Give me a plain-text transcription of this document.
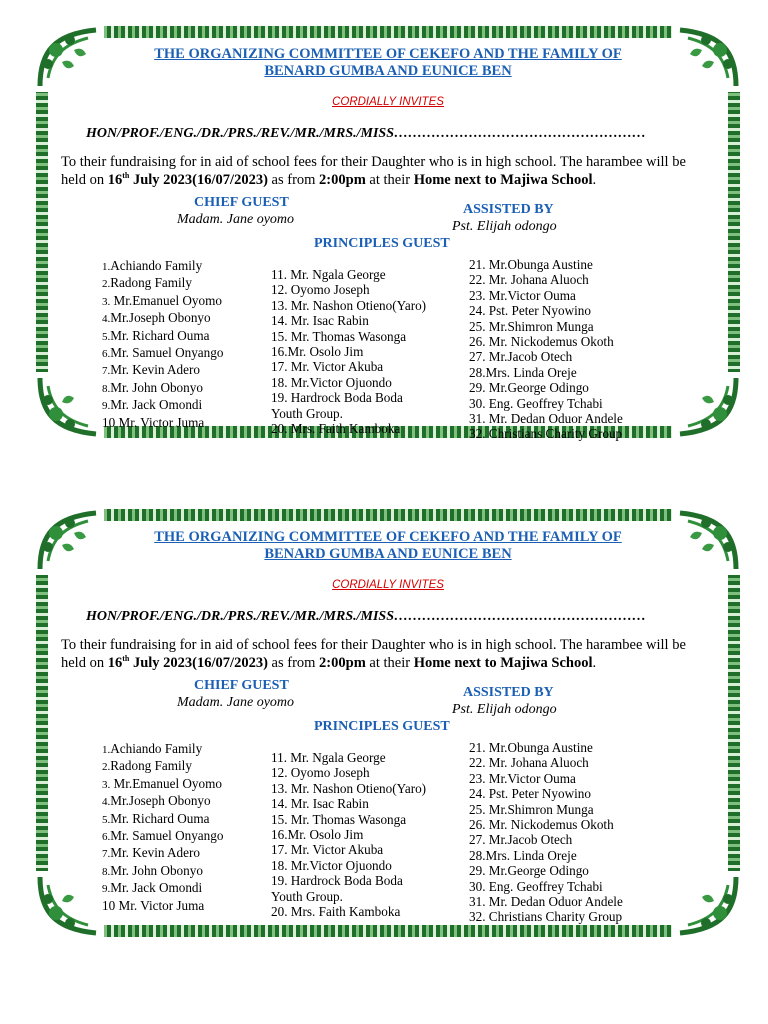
THE ORGANIZING COMMITTEE OF CEKEFO AND THE FAMILY OF
BENARD GUMBA AND EUNICE BEN
CORDIALLY INVITES
HON/PROF./ENG./DR./PRS./REV./MR./MRS./MISS………………………………………………
To their fundraising for in aid of school fees for their Daughter who is in high school. The harambee will be held on 16th July 2023(16/07/2023) as from 2:00pm at their Home next to Majiwa School.
CHIEF GUEST
Madam. Jane oyomo
ASSISTED BY
Pst. Elijah odongo
PRINCIPLES GUEST
1.Achiando Family
2.Radong Family
3. Mr.Emanuel Oyomo
4.Mr.Joseph Obonyo
5.Mr. Richard Ouma
6.Mr. Samuel Onyango
7.Mr. Kevin Adero
8.Mr. John Obonyo
9.Mr. Jack Omondi
10 Mr. Victor Juma
11. Mr. Ngala George
12. Oyomo Joseph
13. Mr. Nashon Otieno(Yaro)
14. Mr. Isac Rabin
15. Mr. Thomas Wasonga
16.Mr. Osolo Jim
17. Mr. Victor Akuba
18. Mr.Victor Ojuondo
19. Hardrock Boda Boda Youth Group.
20. Mrs. Faith Kamboka
21. Mr.Obunga Austine
22. Mr. Johana Aluoch
23. Mr.Victor Ouma
24. Pst. Peter Nyowino
25. Mr.Shimron Munga
26. Mr. Nickodemus Okoth
27. Mr.Jacob Otech
28.Mrs. Linda Oreje
29. Mr.George Odingo
30. Eng. Geoffrey Tchabi
31. Mr. Dedan Oduor Andele
32. Christians Charity Group
THE ORGANIZING COMMITTEE OF CEKEFO AND THE FAMILY OF
BENARD GUMBA AND EUNICE BEN
CORDIALLY INVITES
HON/PROF./ENG./DR./PRS./REV./MR./MRS./MISS………………………………………………
To their fundraising for in aid of school fees for their Daughter who is in high school. The harambee will be held on 16th July 2023(16/07/2023) as from 2:00pm at their Home next to Majiwa School.
CHIEF GUEST
Madam. Jane oyomo
ASSISTED BY
Pst. Elijah odongo
PRINCIPLES GUEST
1.Achiando Family
2.Radong Family
3. Mr.Emanuel Oyomo
4.Mr.Joseph Obonyo
5.Mr. Richard Ouma
6.Mr. Samuel Onyango
7.Mr. Kevin Adero
8.Mr. John Obonyo
9.Mr. Jack Omondi
10 Mr. Victor Juma
11. Mr. Ngala George
12. Oyomo Joseph
13. Mr. Nashon Otieno(Yaro)
14. Mr. Isac Rabin
15. Mr. Thomas Wasonga
16.Mr. Osolo Jim
17. Mr. Victor Akuba
18. Mr.Victor Ojuondo
19. Hardrock Boda Boda Youth Group.
20. Mrs. Faith Kamboka
21. Mr.Obunga Austine
22. Mr. Johana Aluoch
23. Mr.Victor Ouma
24. Pst. Peter Nyowino
25. Mr.Shimron Munga
26. Mr. Nickodemus Okoth
27. Mr.Jacob Otech
28.Mrs. Linda Oreje
29. Mr.George Odingo
30. Eng. Geoffrey Tchabi
31. Mr. Dedan Oduor Andele
32. Christians Charity Group
